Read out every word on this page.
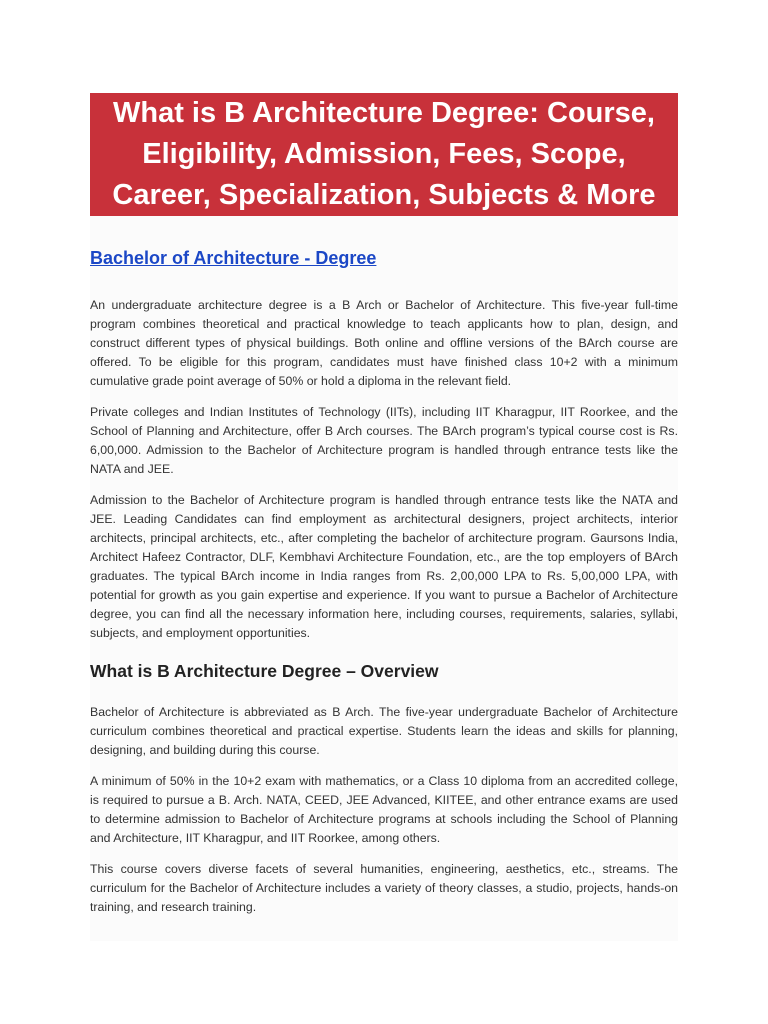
What is B Architecture Degree: Course, Eligibility, Admission, Fees, Scope, Career, Specialization, Subjects & More
Bachelor of Architecture - Degree

An undergraduate architecture degree is a B Arch or Bachelor of Architecture. This five-year full-time program combines theoretical and practical knowledge to teach applicants how to plan, design, and construct different types of physical buildings. Both online and offline versions of the BArch course are offered. To be eligible for this program, candidates must have finished class 10+2 with a minimum cumulative grade point average of 50% or hold a diploma in the relevant field.

Private colleges and Indian Institutes of Technology (IITs), including IIT Kharagpur, IIT Roorkee, and the School of Planning and Architecture, offer B Arch courses. The BArch program’s typical course cost is Rs. 6,00,000. Admission to the Bachelor of Architecture program is handled through entrance tests like the NATA and JEE.

Admission to the Bachelor of Architecture program is handled through entrance tests like the NATA and JEE. Leading Candidates can find employment as architectural designers, project architects, interior architects, principal architects, etc., after completing the bachelor of architecture program. Gaursons India, Architect Hafeez Contractor, DLF, Kembhavi Architecture Foundation, etc., are the top employers of BArch graduates. The typical BArch income in India ranges from Rs. 2,00,000 LPA to Rs. 5,00,000 LPA, with potential for growth as you gain expertise and experience. If you want to pursue a Bachelor of Architecture degree, you can find all the necessary information here, including courses, requirements, salaries, syllabi, subjects, and employment opportunities.

What is B Architecture Degree – Overview

Bachelor of Architecture is abbreviated as B Arch. The five-year undergraduate Bachelor of Architecture curriculum combines theoretical and practical expertise. Students learn the ideas and skills for planning, designing, and building during this course.

A minimum of 50% in the 10+2 exam with mathematics, or a Class 10 diploma from an accredited college, is required to pursue a B. Arch. NATA, CEED, JEE Advanced, KIITEE, and other entrance exams are used to determine admission to Bachelor of Architecture programs at schools including the School of Planning and Architecture, IIT Kharagpur, and IIT Roorkee, among others.

This course covers diverse facets of several humanities, engineering, aesthetics, etc., streams. The curriculum for the Bachelor of Architecture includes a variety of theory classes, a studio, projects, hands-on training, and research training.
